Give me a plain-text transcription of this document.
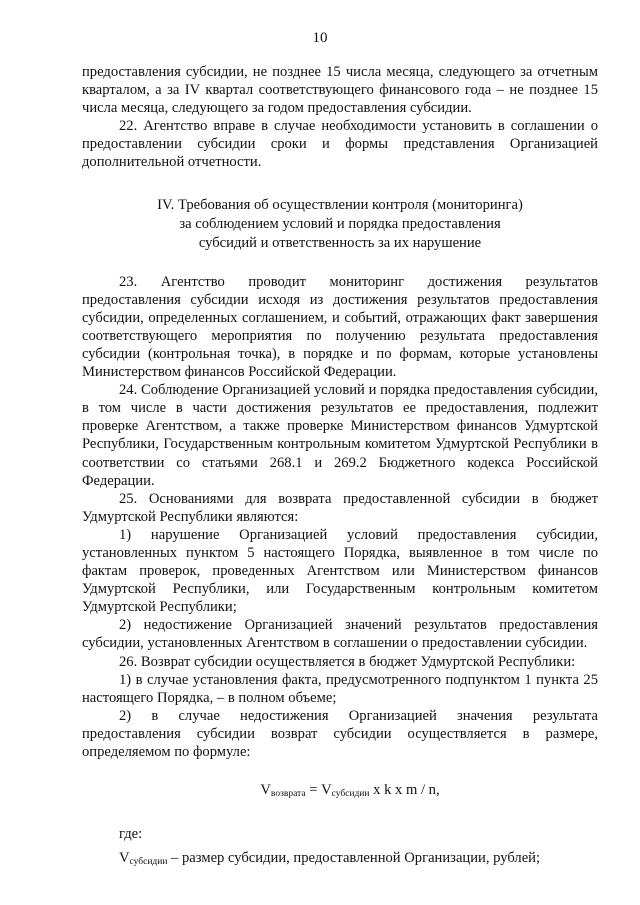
10

предоставления субсидии, не позднее 15 числа месяца, следующего за отчетным кварталом, а за IV квартал соответствующего финансового года – не позднее 15 числа месяца, следующего за годом предоставления субсидии.

22. Агентство вправе в случае необходимости установить в соглашении о предоставлении субсидии сроки и формы представления Организацией дополнительной отчетности.

IV. Требования об осуществлении контроля (мониторинга)
за соблюдением условий и порядка предоставления
субсидий и ответственность за их нарушение

23. Агентство проводит мониторинг достижения результатов предоставления субсидии исходя из достижения результатов предоставления субсидии, определенных соглашением, и событий, отражающих факт завершения соответствующего мероприятия по получению результата предоставления субсидии (контрольная точка), в порядке и по формам, которые установлены Министерством финансов Российской Федерации.

24. Соблюдение Организацией условий и порядка предоставления субсидии, в том числе в части достижения результатов ее предоставления, подлежит проверке Агентством, а также проверке Министерством финансов Удмуртской Республики, Государственным контрольным комитетом Удмуртской Республики в соответствии со статьями 268.1 и 269.2 Бюджетного кодекса Российской Федерации.

25. Основаниями для возврата предоставленной субсидии в бюджет Удмуртской Республики являются:

1) нарушение Организацией условий предоставления субсидии, установленных пунктом 5 настоящего Порядка, выявленное в том числе по фактам проверок, проведенных Агентством или Министерством финансов Удмуртской Республики, или Государственным контрольным комитетом Удмуртской Республики;

2) недостижение Организацией значений результатов предоставления субсидии, установленных Агентством в соглашении о предоставлении субсидии.

26. Возврат субсидии осуществляется в бюджет Удмуртской Республики:

1) в случае установления факта, предусмотренного подпунктом 1 пункта 25 настоящего Порядка, – в полном объеме;

2) в случае недостижения Организацией значения результата предоставления субсидии возврат субсидии осуществляется в размере, определяемом по формуле:

$V_{возврата} = V_{субсидии}$ x k x m / n,

где:

$V_{субсидии}$ – размер субсидии, предоставленной Организации, рублей;
